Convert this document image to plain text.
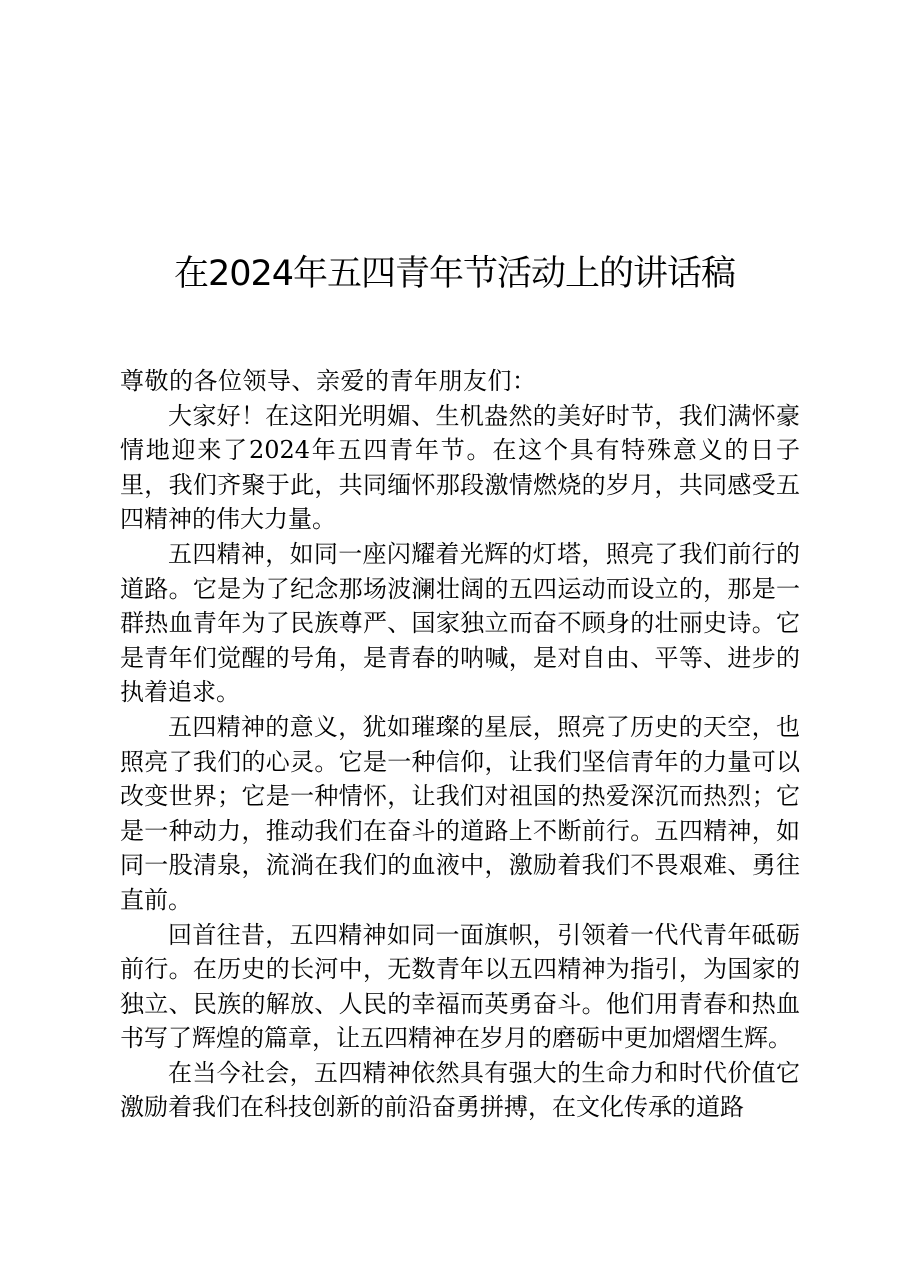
在2024年五四青年节活动上的讲话稿

尊敬的各位领导、亲爱的青年朋友们：

大家好！在这阳光明媚、生机盎然的美好时节，我们满怀豪情地迎来了2024年五四青年节。在这个具有特殊意义的日子里，我们齐聚于此，共同缅怀那段激情燃烧的岁月，共同感受五四精神的伟大力量。

五四精神，如同一座闪耀着光辉的灯塔，照亮了我们前行的道路。它是为了纪念那场波澜壮阔的五四运动而设立的，那是一群热血青年为了民族尊严、国家独立而奋不顾身的壮丽史诗。它是青年们觉醒的号角，是青春的呐喊，是对自由、平等、进步的执着追求。

五四精神的意义，犹如璀璨的星辰，照亮了历史的天空，也照亮了我们的心灵。它是一种信仰，让我们坚信青年的力量可以改变世界；它是一种情怀，让我们对祖国的热爱深沉而热烈；它是一种动力，推动我们在奋斗的道路上不断前行。五四精神，如同一股清泉，流淌在我们的血液中，激励着我们不畏艰难、勇往直前。

回首往昔，五四精神如同一面旗帜，引领着一代代青年砥砺前行。在历史的长河中，无数青年以五四精神为指引，为国家的独立、民族的解放、人民的幸福而英勇奋斗。他们用青春和热血书写了辉煌的篇章，让五四精神在岁月的磨砺中更加熠熠生辉。

在当今社会，五四精神依然具有强大的生命力和时代价值它激励着我们在科技创新的前沿奋勇拼搏，在文化传承的道路
